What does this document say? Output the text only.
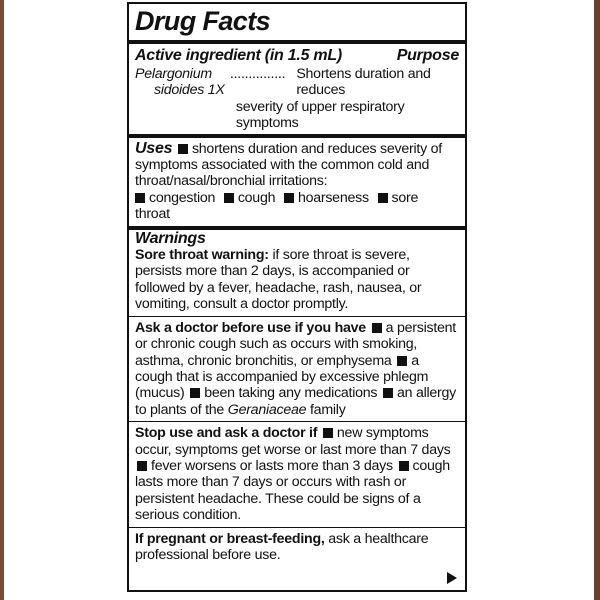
Drug Facts
Active ingredient (in 1.5 mL)	Purpose
Pelargonium
sidoides 1X
............... Shortens duration and reduces
severity of upper respiratory symptoms

Uses shortens duration and reduces severity of symptoms associated with the common cold and throat/nasal/bronchial irritations:

congestion cough hoarseness sore throat

Warnings

Sore throat warning: if sore throat is severe, persists more than 2 days, is accompanied or followed by a fever, headache, rash, nausea, or vomiting, consult a doctor promptly.

Ask a doctor before use if you have a persistent or chronic cough such as occurs with smoking, asthma, chronic bronchitis, or emphysema a cough that is accompanied by excessive phlegm (mucus) been taking any medications an allergy to plants of the Geraniaceae family

Stop use and ask a doctor if new symptoms occur, symptoms get worse or last more than 7 days fever worsens or lasts more than 3 days cough lasts more than 7 days or occurs with rash or persistent headache. These could be signs of a serious condition.

If pregnant or breast-feeding, ask a healthcare professional before use.
